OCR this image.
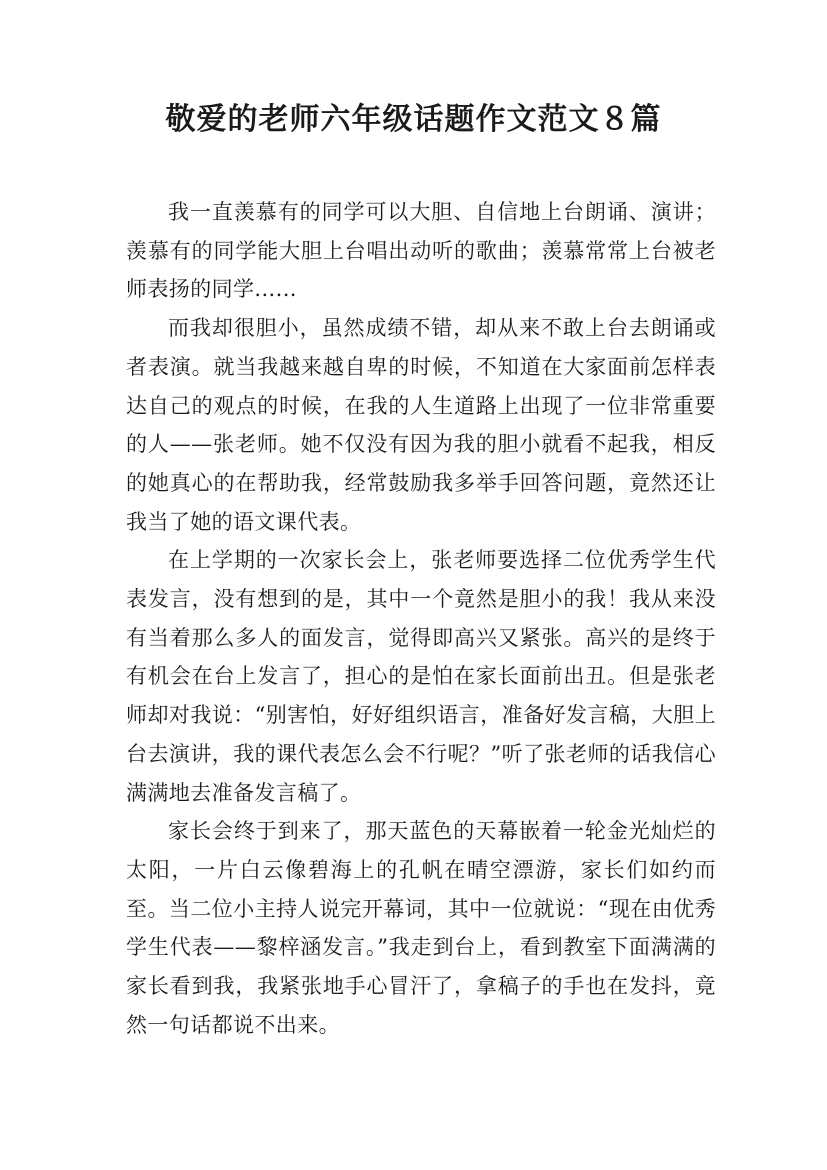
敬爱的老师六年级话题作文范文８篇

我一直羡慕有的同学可以大胆、自信地上台朗诵、演讲；羡慕有的同学能大胆上台唱出动听的歌曲；羡慕常常上台被老师表扬的同学......

而我却很胆小，虽然成绩不错，却从来不敢上台去朗诵或者表演。就当我越来越自卑的时候，不知道在大家面前怎样表达自己的观点的时候，在我的人生道路上出现了一位非常重要的人——张老师。她不仅没有因为我的胆小就看不起我，相反的她真心的在帮助我，经常鼓励我多举手回答问题，竟然还让我当了她的语文课代表。

在上学期的一次家长会上，张老师要选择二位优秀学生代表发言，没有想到的是，其中一个竟然是胆小的我！我从来没有当着那么多人的面发言，觉得即高兴又紧张。高兴的是终于有机会在台上发言了，担心的是怕在家长面前出丑。但是张老师却对我说：“别害怕，好好组织语言，准备好发言稿，大胆上台去演讲，我的课代表怎么会不行呢？”听了张老师的话我信心满满地去准备发言稿了。

家长会终于到来了，那天蓝色的天幕嵌着一轮金光灿烂的太阳，一片白云像碧海上的孔帆在晴空漂游，家长们如约而至。当二位小主持人说完开幕词，其中一位就说：“现在由优秀学生代表——黎梓涵发言。”我走到台上，看到教室下面满满的家长看到我，我紧张地手心冒汗了，拿稿子的手也在发抖，竟然一句话都说不出来。
